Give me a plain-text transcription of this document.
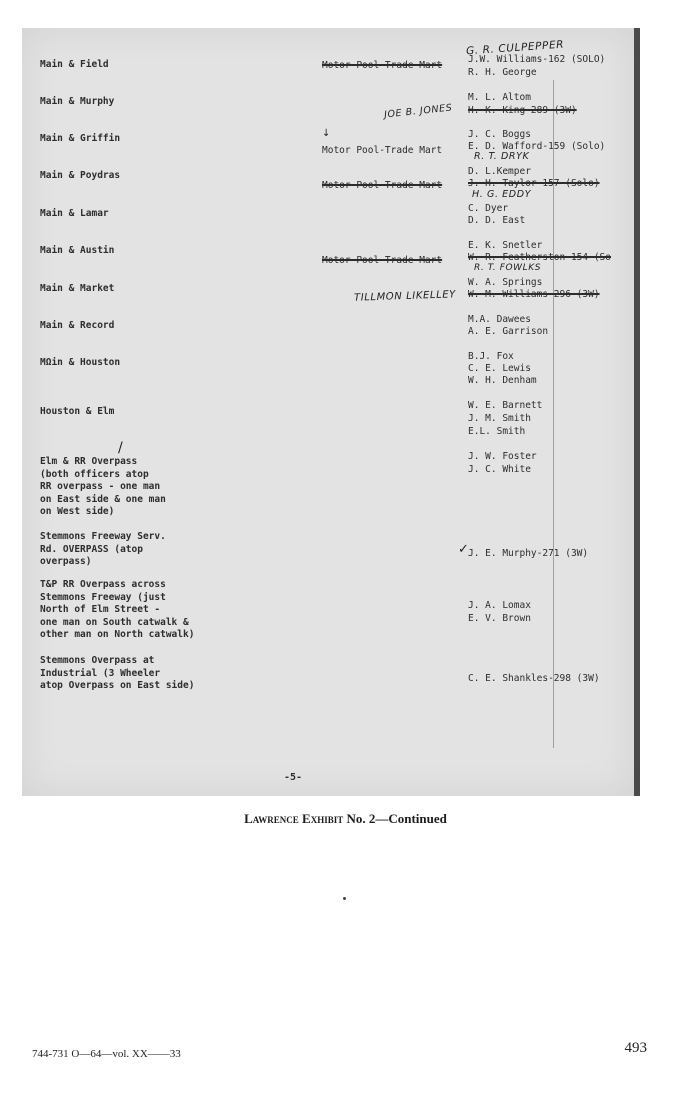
Main & Field
Main & Murphy
Main & Griffin
Main & Poydras
Main & Lamar
Main & Austin
Main & Market
Main & Record
MΩin & Houston
Houston & Elm
Elm & RR Overpass
(both officers atop
RR overpass - one man
on East side & one man
on West side)
Stemmons Freeway Serv.
Rd. OVERPASS (atop
overpass)
T&P RR Overpass across
Stemmons Freeway (just
North of Elm Street -
one man on South catwalk &
other man on North catwalk)
Stemmons Overpass at
Industrial (3 Wheeler
atop Overpass on East side)
Motor Pool-Trade Mart
Motor Pool-Trade Mart
Motor Pool-Trade Mart
Motor Pool-Trade Mart
J.W. Williams-162 (SOLO)
R. H. George
M. L. Altom
H. K. King-289 (3W)
J. C. Boggs
E. D. Wafford-159 (Solo)
D. L.Kemper
J. H. Taylor-157-(Solo)
C. Dyer
D. D. East
E. K. Snetler
W. R. Featherston-154 (So
W. A. Springs
W. M. Williams-296 (3W)
M.A. Dawees
A. E. Garrison
B.J. Fox
C. E. Lewis
W. H. Denham
W. E. Barnett
J. M. Smith
E.L. Smith
J. W. Foster
J. C. White
J. E. Murphy-271 (3W)
J. A. Lomax
E. V. Brown
C. E. Shankles-298 (3W)
G. R. CULPEPPER
JOE B. JONES
R. T. DRYK
H. G. EDDY
R. T. FOWLKS
TILLMON LIKELLEY
↓
/
✓
-5-
Lawrence Exhibit No. 2—Continued
744-731 O—64—vol. XX——33	493
